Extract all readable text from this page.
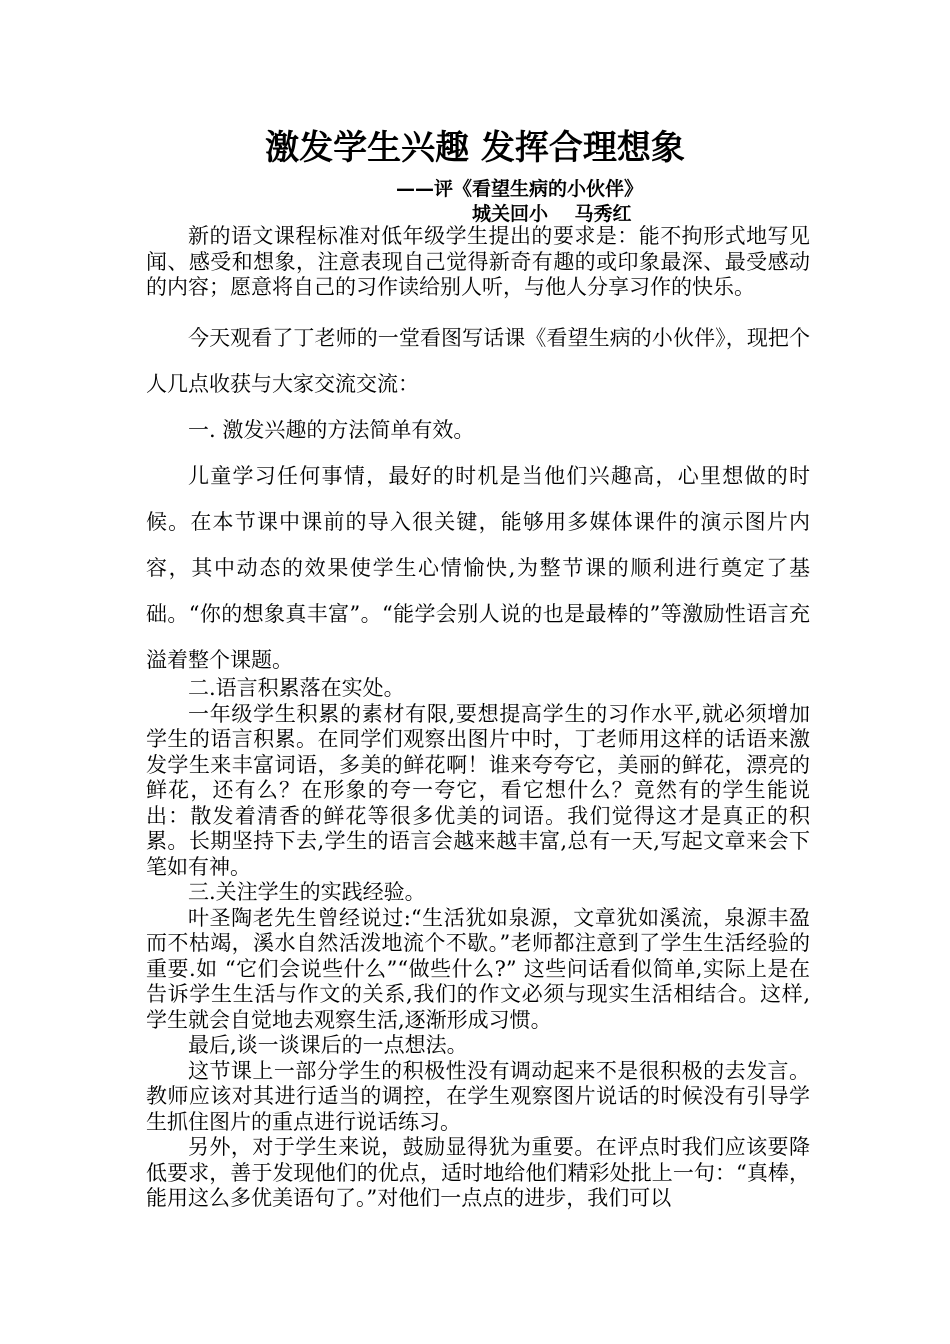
激发学生兴趣 发挥合理想象
——评《看望生病的小伙伴》
城关回小    马秀红

新的语文课程标准对低年级学生提出的要求是：能不拘形式地写见闻、感受和想象，注意表现自己觉得新奇有趣的或印象最深、最受感动的内容；愿意将自己的习作读给别人听，与他人分享习作的快乐。

今天观看了丁老师的一堂看图写话课《看望生病的小伙伴》，现把个人几点收获与大家交流交流：

一. 激发兴趣的方法简单有效。

儿童学习任何事情，最好的时机是当他们兴趣高，心里想做的时候。在本节课中课前的导入很关键，能够用多媒体课件的演示图片内容，其中动态的效果使学生心情愉快,为整节课的顺利进行奠定了基础。“你的想象真丰富”。“能学会别人说的也是最棒的”等激励性语言充溢着整个课题。

二.语言积累落在实处。

一年级学生积累的素材有限,要想提高学生的习作水平,就必须增加学生的语言积累。在同学们观察出图片中时，丁老师用这样的话语来激发学生来丰富词语，多美的鲜花啊！谁来夸夸它，美丽的鲜花，漂亮的鲜花，还有么？在形象的夸一夸它，看它想什么？竟然有的学生能说出：散发着清香的鲜花等很多优美的词语。我们觉得这才是真正的积累。长期坚持下去,学生的语言会越来越丰富,总有一天,写起文章来会下笔如有神。

三.关注学生的实践经验。

叶圣陶老先生曾经说过:“生活犹如泉源，文章犹如溪流，泉源丰盈而不枯竭，溪水自然活泼地流个不歇。”老师都注意到了学生生活经验的重要.如 “它们会说些什么”“做些什么?” 这些问话看似简单,实际上是在告诉学生生活与作文的关系,我们的作文必须与现实生活相结合。这样,学生就会自觉地去观察生活,逐渐形成习惯。

最后,谈一谈课后的一点想法。

这节课上一部分学生的积极性没有调动起来不是很积极的去发言。教师应该对其进行适当的调控，在学生观察图片说话的时候没有引导学生抓住图片的重点进行说话练习。

另外，对于学生来说，鼓励显得犹为重要。在评点时我们应该要降低要求，善于发现他们的优点，适时地给他们精彩处批上一句：“真棒，能用这么多优美语句了。”对他们一点点的进步，我们可以
